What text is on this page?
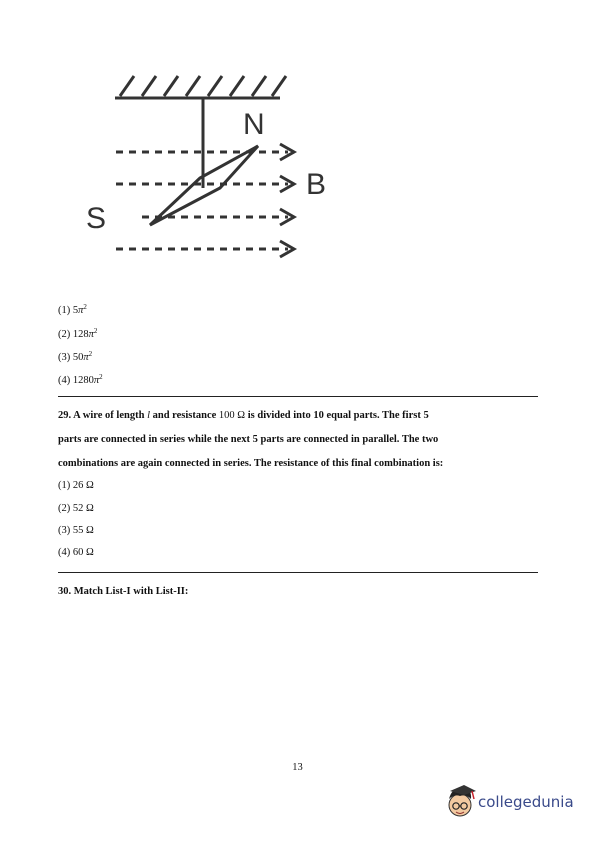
N
B
S
(1) $5\pi^2$
(2) $128\pi^2$
(3) $50\pi^2$
(4) $1280\pi^2$
29. A wire of length l and resistance 100 Ω is divided into 10 equal parts. The first 5
parts are connected in series while the next 5 parts are connected in parallel. The two
combinations are again connected in series. The resistance of this final combination is:
(1) 26 Ω
(2) 52 Ω
(3) 55 Ω
(4) 60 Ω
30. Match List-I with List-II:
13
collegedunia
